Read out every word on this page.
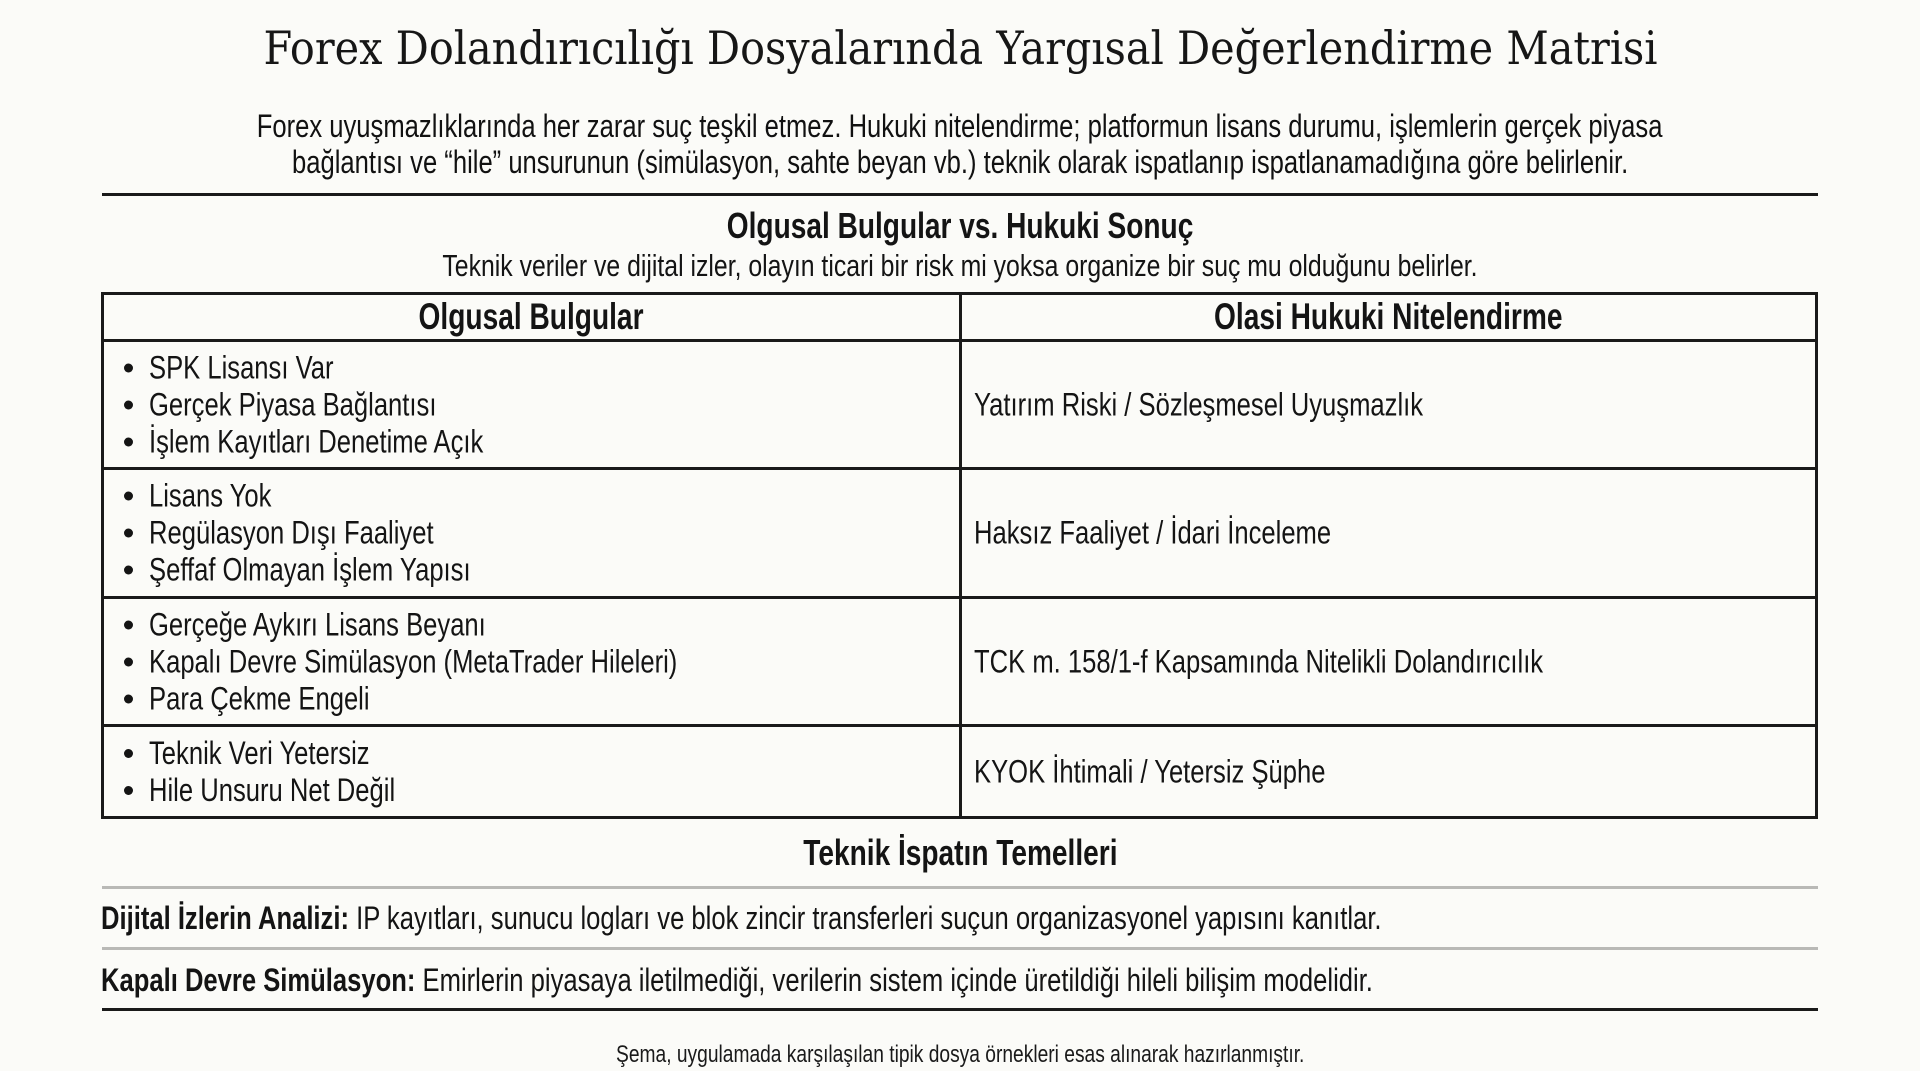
Forex Dolandırıcılığı Dosyalarında Yargısal Değerlendirme Matrisi
Forex uyuşmazlıklarında her zarar suç teşkil etmez. Hukuki nitelendirme; platformun lisans durumu, işlemlerin gerçek piyasa
bağlantısı ve “hile” unsurunun (simülasyon, sahte beyan vb.) teknik olarak ispatlanıp ispatlanamadığına göre belirlenir.
Olgusal Bulgular vs. Hukuki Sonuç
Teknik veriler ve dijital izler, olayın ticari bir risk mi yoksa organize bir suç mu olduğunu belirler.
Olgusal Bulgular	Olasi Hukuki Nitelendirme
SPK Lisansı Var
Gerçek Piyasa Bağlantısı
İşlem Kayıtları Denetime Açık
Yatırım Riski / Sözleşmesel Uyuşmazlık
Lisans Yok
Regülasyon Dışı Faaliyet
Şeffaf Olmayan İşlem Yapısı
Haksız Faaliyet / İdari İnceleme
Gerçeğe Aykırı Lisans Beyanı
Kapalı Devre Simülasyon (MetaTrader Hileleri)
Para Çekme Engeli
TCK m. 158/1-f Kapsamında Nitelikli Dolandırıcılık
Teknik Veri Yetersiz
Hile Unsuru Net Değil
KYOK İhtimali / Yetersiz Şüphe
Teknik İspatın Temelleri
Dijital İzlerin Analizi: IP kayıtları, sunucu logları ve blok zincir transferleri suçun organizasyonel yapısını kanıtlar.
Kapalı Devre Simülasyon: Emirlerin piyasaya iletilmediği, verilerin sistem içinde üretildiği hileli bilişim modelidir.
Şema, uygulamada karşılaşılan tipik dosya örnekleri esas alınarak hazırlanmıştır.
